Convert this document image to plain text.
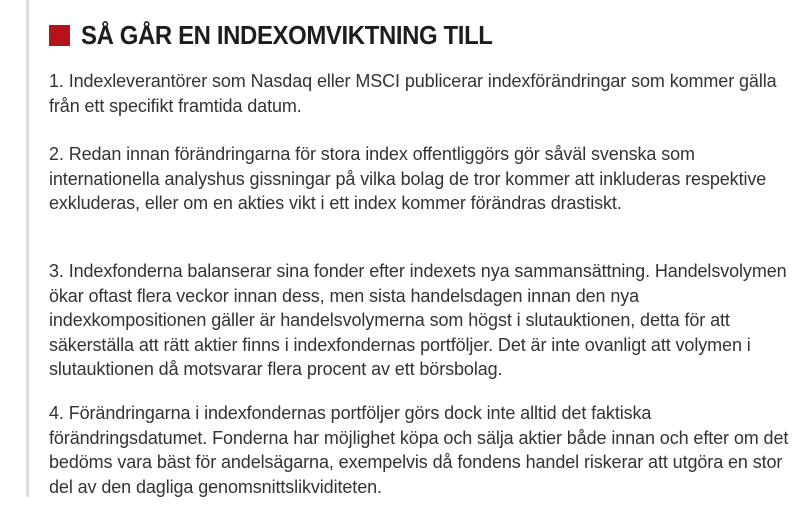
SÅ GÅR EN INDEXOMVIKTNING TILL

1. Indexleverantörer som Nasdaq eller MSCI publicerar indexförändringar som kommer gälla från ett specifikt framtida datum.

2. Redan innan förändringarna för stora index offentliggörs gör såväl svenska som internationella analyshus gissningar på vilka bolag de tror kommer att inkluderas respektive exkluderas, eller om en akties vikt i ett index kommer förändras drastiskt.

3. Indexfonderna balanserar sina fonder efter indexets nya sammansättning. Handelsvolymen ökar oftast flera veckor innan dess, men sista handelsdagen innan den nya indexkompositionen gäller är handelsvolymerna som högst i slutauktionen, detta för att säkerställa att rätt aktier finns i indexfondernas portföljer. Det är inte ovanligt att volymen i slutauktionen då motsvarar flera procent av ett börsbolag.

4. Förändringarna i indexfondernas portföljer görs dock inte alltid det faktiska förändringsdatumet. Fonderna har möjlighet köpa och sälja aktier både innan och efter om det bedöms vara bäst för andelsägarna, exempelvis då fondens handel riskerar att utgöra en stor del av den dagliga genomsnittslikviditeten.
